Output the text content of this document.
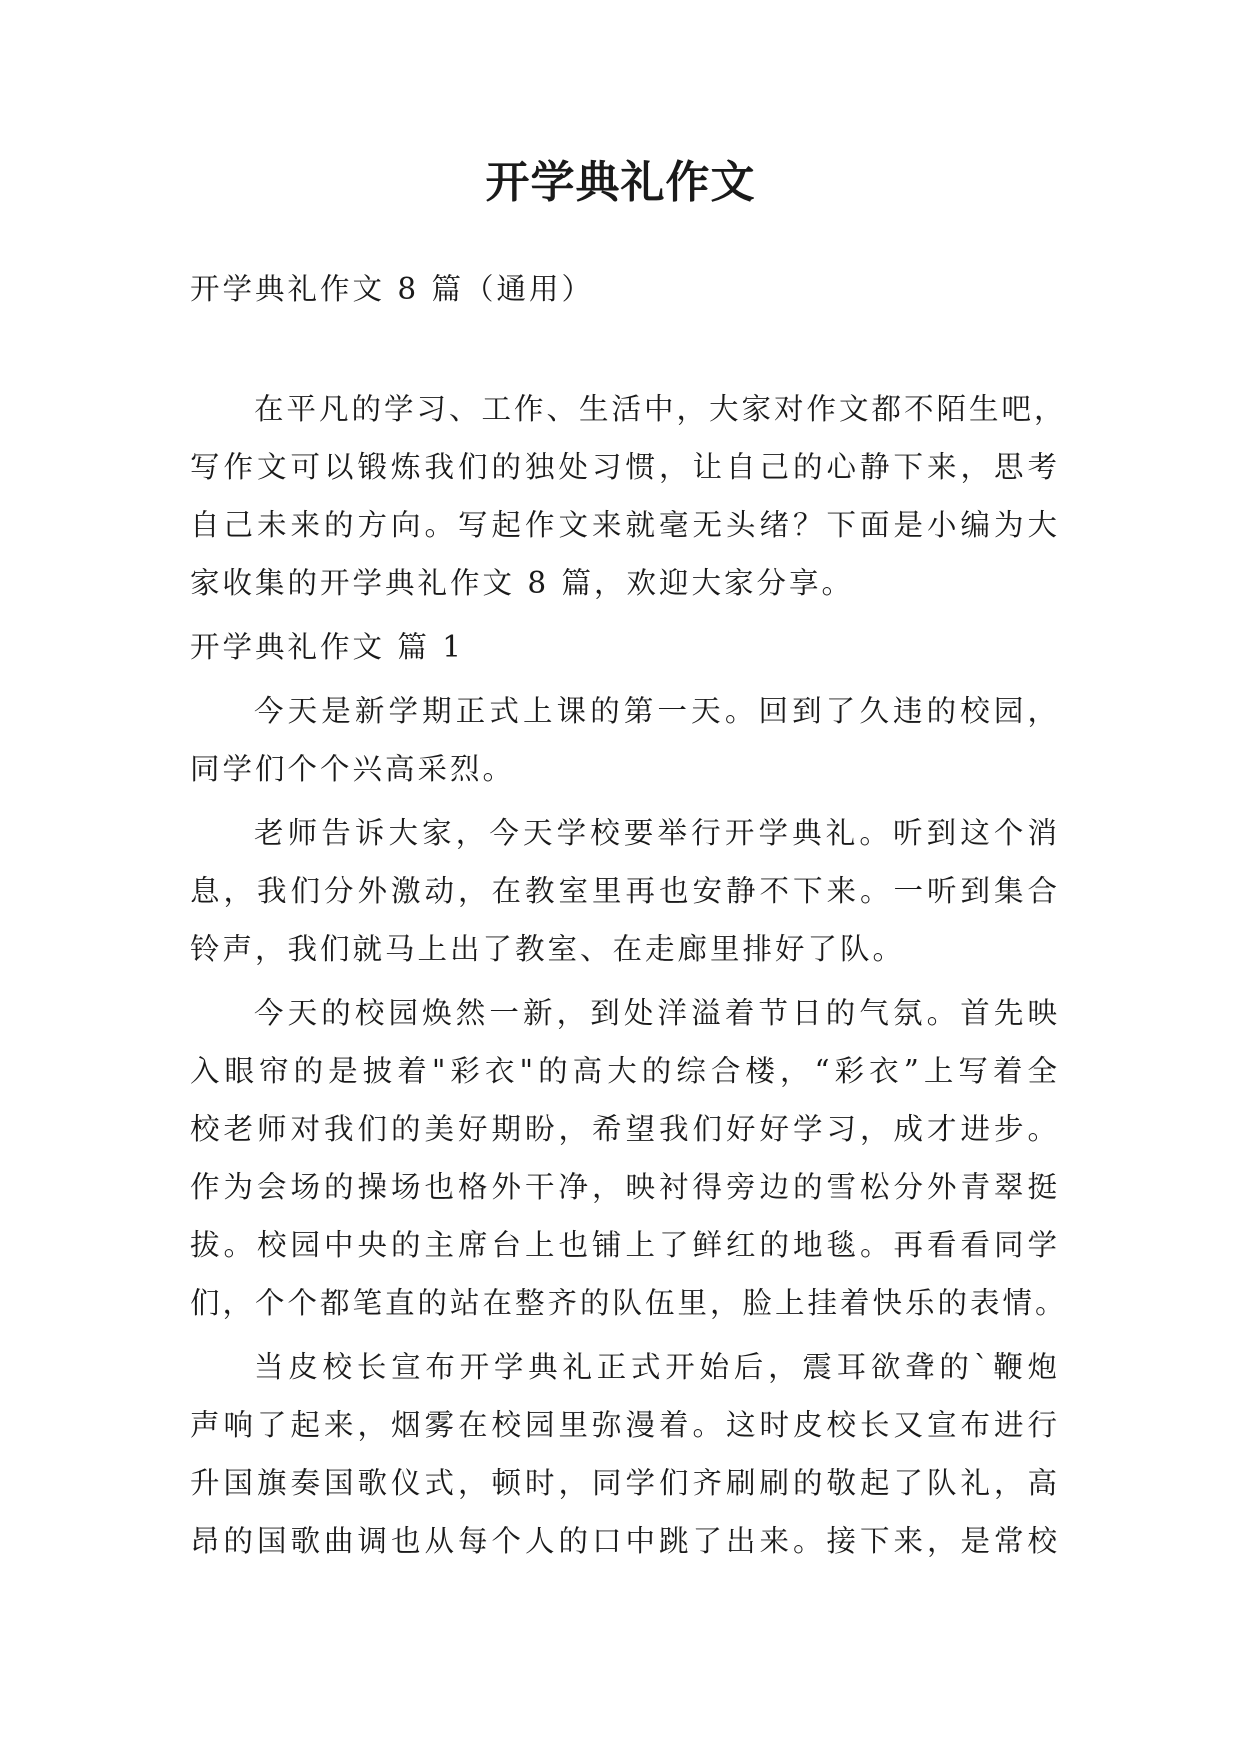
开学典礼作文

开学典礼作文 8 篇（通用）

在平凡的学习、工作、生活中，大家对作文都不陌生吧，
写作文可以锻炼我们的独处习惯，让自己的心静下来，思考
自己未来的方向。写起作文来就毫无头绪？下面是小编为大
家收集的开学典礼作文 8 篇，欢迎大家分享。
开学典礼作文 篇 1
今天是新学期正式上课的第一天。回到了久违的校园，
同学们个个兴高采烈。
老师告诉大家，今天学校要举行开学典礼。听到这个消
息，我们分外激动，在教室里再也安静不下来。一听到集合
铃声，我们就马上出了教室、在走廊里排好了队。
今天的校园焕然一新，到处洋溢着节日的气氛。首先映
入眼帘的是披着"彩衣"的高大的综合楼，“彩衣”上写着全
校老师对我们的美好期盼，希望我们好好学习，成才进步。
作为会场的操场也格外干净，映衬得旁边的雪松分外青翠挺
拔。校园中央的主席台上也铺上了鲜红的地毯。再看看同学
们，个个都笔直的站在整齐的队伍里，脸上挂着快乐的表情。
当皮校长宣布开学典礼正式开始后，震耳欲聋的`鞭炮
声响了起来，烟雾在校园里弥漫着。这时皮校长又宣布进行
升国旗奏国歌仪式，顿时，同学们齐刷刷的敬起了队礼，高
昂的国歌曲调也从每个人的口中跳了出来。接下来，是常校
